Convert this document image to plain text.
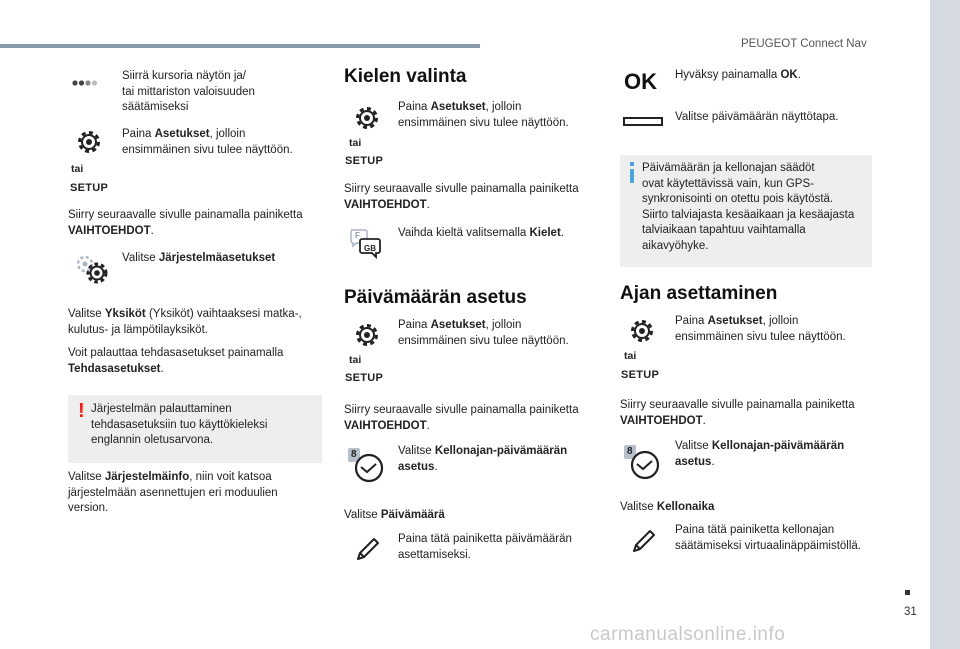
PEUGEOT Connect Nav
31
Siirrä kursoria näytön ja/
tai mittariston valoisuuden
säätämiseksi
tai
SETUP
Paina Asetukset, jolloin
ensimmäinen sivu tulee näyttöön.
Siirry seuraavalle sivulle painamalla painiketta
VAIHTOEHDOT.
Valitse Järjestelmäasetukset
Valitse Yksiköt (Yksiköt) vaihtaaksesi matka-,
kulutus- ja lämpötilayksiköt.
Voit palauttaa tehdasasetukset painamalla
Tehdasasetukset.
! Järjestelmän palauttaminen
tehdasasetuksiin tuo käyttökieleksi
englannin oletusarvona.
Valitse Järjestelmäinfo, niin voit katsoa
järjestelmään asennettujen eri moduulien
version.
Kielen valinta
tai
SETUP
Paina Asetukset, jolloin
ensimmäinen sivu tulee näyttöön.
Siirry seuraavalle sivulle painamalla painiketta
VAIHTOEHDOT.
F
GB
Vaihda kieltä valitsemalla Kielet.
Päivämäärän asetus
tai
SETUP
Paina Asetukset, jolloin
ensimmäinen sivu tulee näyttöön.
Siirry seuraavalle sivulle painamalla painiketta
VAIHTOEHDOT.
8	Valitse Kellonajan-päivämäärän
asetus.
Valitse Päivämäärä
Paina tätä painiketta päivämäärän
asettamiseksi.
OK Hyväksy painamalla OK.
Valitse päivämäärän näyttötapa.
Päivämäärän ja kellonajan säädöt
ovat käytettävissä vain, kun GPS-
synkronisointi on otettu pois käytöstä.
Siirto talviajasta kesäaikaan ja kesäajasta
talviaikaan tapahtuu vaihtamalla
aikavyöhyke.
Ajan asettaminen
tai
SETUP
Paina Asetukset, jolloin
ensimmäinen sivu tulee näyttöön.
Siirry seuraavalle sivulle painamalla painiketta
VAIHTOEHDOT.
8	Valitse Kellonajan-päivämäärän
asetus.
Valitse Kellonaika
Paina tätä painiketta kellonajan
säätämiseksi virtuaalinäppäimistöllä.
carmanualsonline.info
